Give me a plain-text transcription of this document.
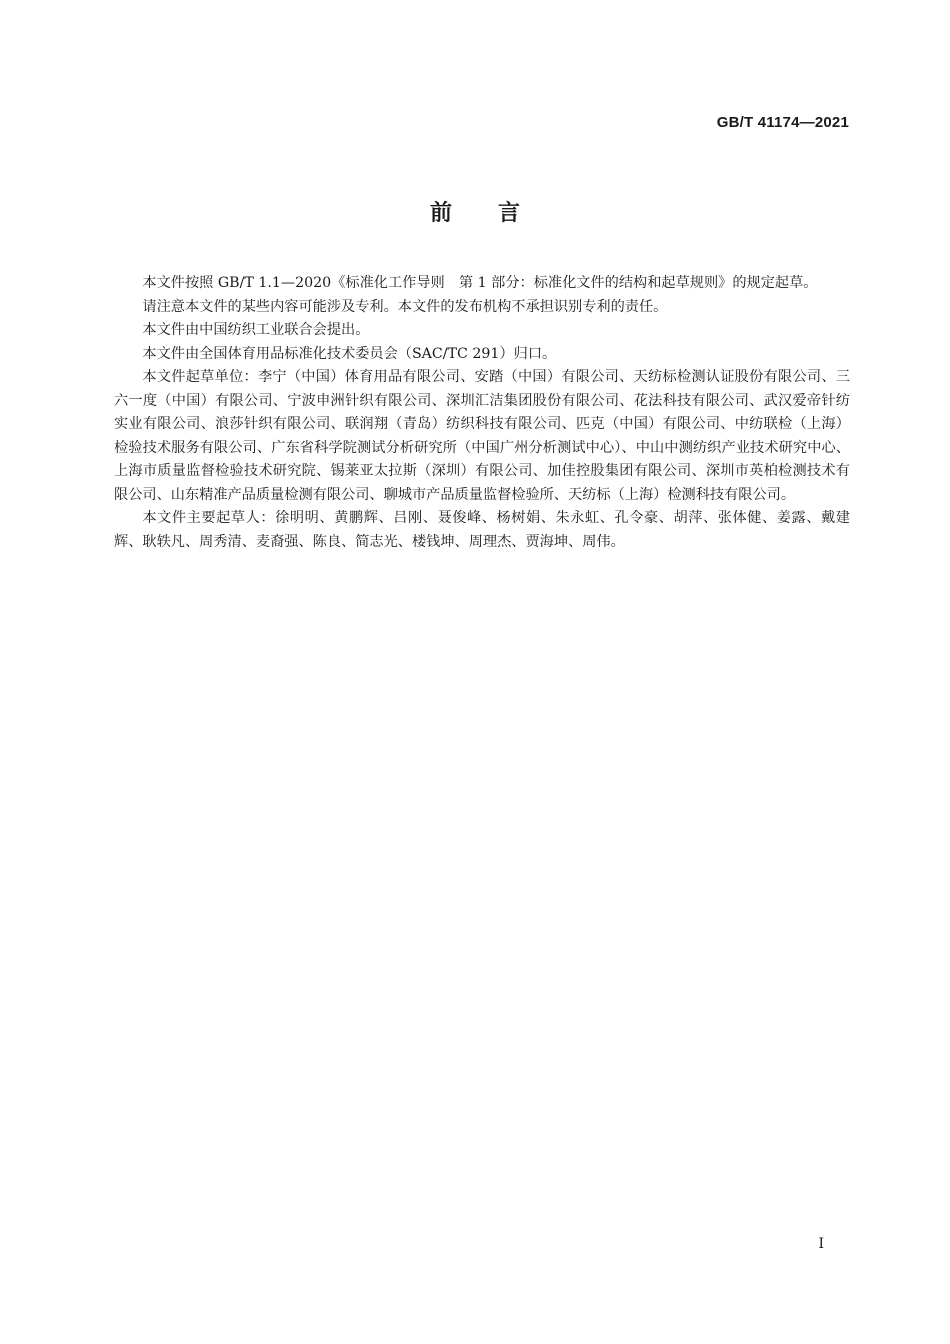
GB/T 41174—2021
前言

本文件按照 GB/T 1.1—2020《标准化工作导则　第 1 部分：标准化文件的结构和起草规则》的规定起草。

请注意本文件的某些内容可能涉及专利。本文件的发布机构不承担识别专利的责任。

本文件由中国纺织工业联合会提出。

本文件由全国体育用品标准化技术委员会（SAC/TC 291）归口。

本文件起草单位：李宁（中国）体育用品有限公司、安踏（中国）有限公司、天纺标检测认证股份有限公司、三六一度（中国）有限公司、宁波申洲针织有限公司、深圳汇洁集团股份有限公司、花法科技有限公司、武汉爱帝针纺实业有限公司、浪莎针织有限公司、联润翔（青岛）纺织科技有限公司、匹克（中国）有限公司、中纺联检（上海）检验技术服务有限公司、广东省科学院测试分析研究所（中国广州分析测试中心）、中山中测纺织产业技术研究中心、上海市质量监督检验技术研究院、锡莱亚太拉斯（深圳）有限公司、加佳控股集团有限公司、深圳市英柏检测技术有限公司、山东精准产品质量检测有限公司、聊城市产品质量监督检验所、天纺标（上海）检测科技有限公司。

本文件主要起草人：徐明明、黄鹏辉、吕刚、聂俊峰、杨树娟、朱永虹、孔令豪、胡萍、张体健、姜露、戴建辉、耿轶凡、周秀清、麦裔强、陈良、简志光、楼钱坤、周理杰、贾海坤、周伟。

I
